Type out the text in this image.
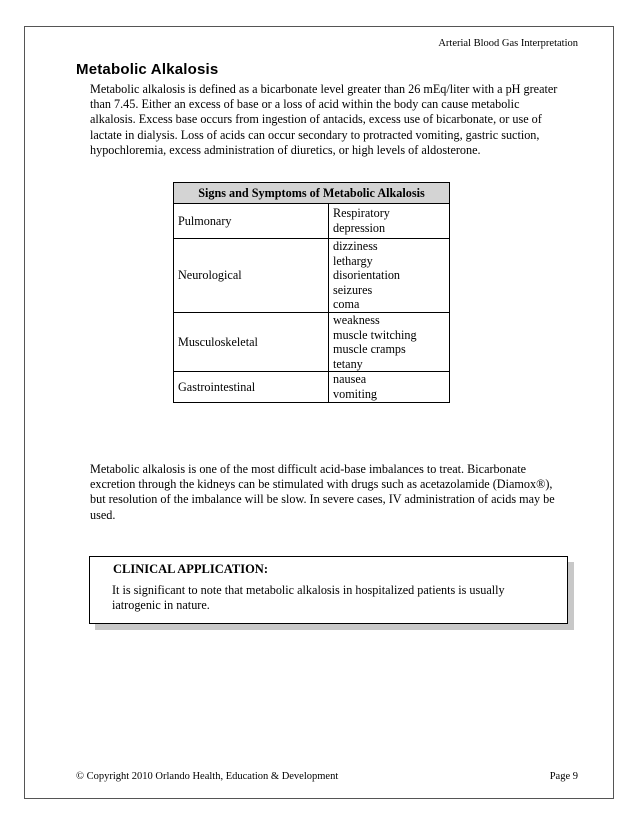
Arterial Blood Gas Interpretation
Metabolic Alkalosis

Metabolic alkalosis is defined as a bicarbonate level greater than 26 mEq/liter with a pH greater than 7.45. Either an excess of base or a loss of acid within the body can cause metabolic alkalosis. Excess base occurs from ingestion of antacids, excess use of bicarbonate, or use of lactate in dialysis. Loss of acids can occur secondary to protracted vomiting, gastric suction, hypochloremia, excess administration of diuretics, or high levels of aldosterone.

Signs and Symptoms of Metabolic Alkalosis	
Pulmonary	Respiratory
depression

Neurological	dizziness
lethargy
disorientation
seizures
coma

Musculoskeletal	weakness
muscle twitching
muscle cramps
tetany

Gastrointestinal	nausea
vomiting

Metabolic alkalosis is one of the most difficult acid-base imbalances to treat. Bicarbonate excretion through the kidneys can be stimulated with drugs such as acetazolamide (Diamox®), but resolution of the imbalance will be slow. In severe cases, IV administration of acids may be used.

CLINICAL APPLICATION:

It is significant to note that metabolic alkalosis in hospitalized patients is usually iatrogenic in nature.

© Copyright 2010 Orlando Health, Education & Development	Page 9
